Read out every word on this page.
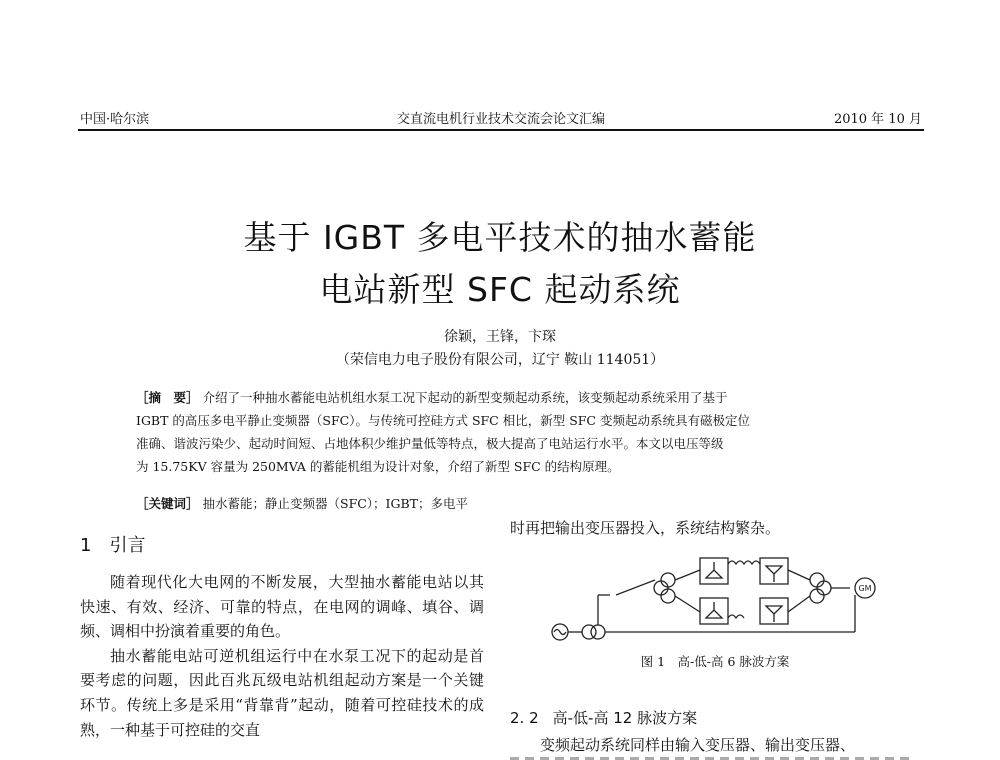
中国·哈尔滨	交直流电机行业技术交流会论文汇编	2010 年 10 月
基于 IGBT 多电平技术的抽水蓄能
电站新型 SFC 起动系统
徐颖，王锋，卞琛
（荣信电力电子股份有限公司，辽宁 鞍山 114051）

［摘　要］ 介绍了一种抽水蓄能电站机组水泵工况下起动的新型变频起动系统，该变频起动系统采用了基于

IGBT 的高压多电平静止变频器（SFC）。与传统可控硅方式 SFC 相比，新型 SFC 变频起动系统具有磁极定位

准确、谐波污染少、起动时间短、占地体积少维护量低等特点，极大提高了电站运行水平。本文以电压等级

为 15.75KV 容量为 250MVA 的蓄能机组为设计对象，介绍了新型 SFC 的结构原理。

［关键词］ 抽水蓄能；静止变频器（SFC）；IGBT；多电平
1 引言

随着现代化大电网的不断发展，大型抽水蓄能电站以其快速、有效、经济、可靠的特点，在电网的调峰、填谷、调频、调相中扮演着重要的角色。

抽水蓄能电站可逆机组运行中在水泵工况下的起动是首要考虑的问题，因此百兆瓦级电站机组起动方案是一个关键环节。传统上多是采用“背靠背”起动，随着可控硅技术的成熟，一种基于可控硅的交直

时再把输出变压器投入，系统结构繁杂。
GM
图 1　高-低-高 6 脉波方案
2. 2 高-低-高 12 脉波方案

变频起动系统同样由输入变压器、输出变压器、
